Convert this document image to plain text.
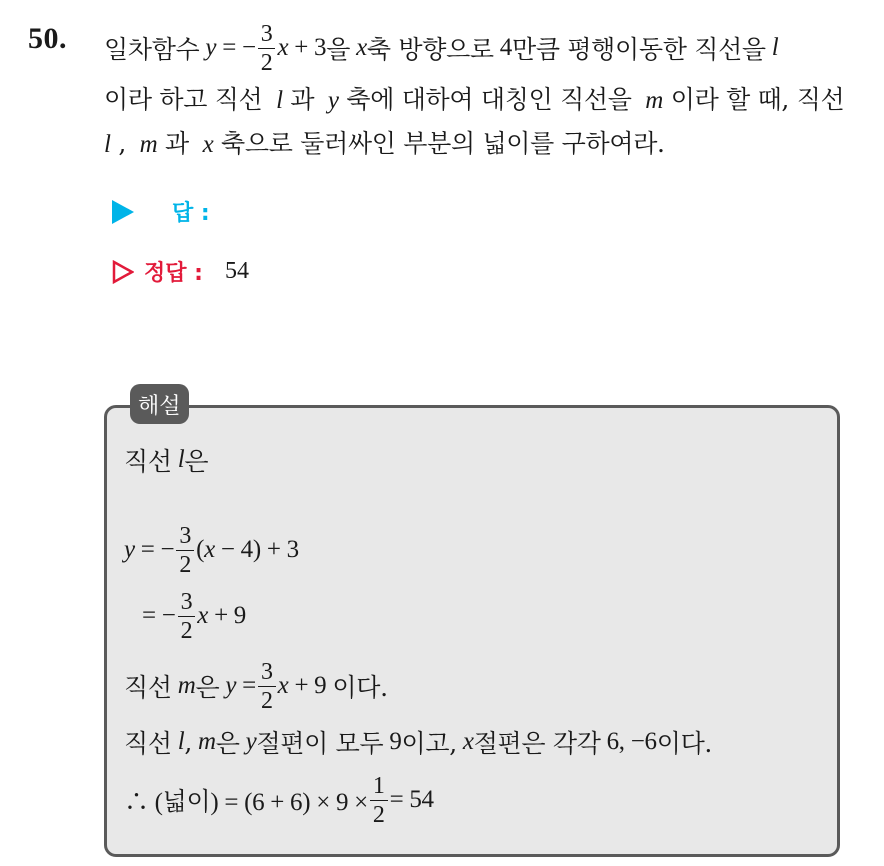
50. 일차함수 y = − $\frac{3}{2}$ x + 3 을 x 축 방향으로 4 만큼 평행이동한 직선을 l
이라 하고 직선 l 과 y 축에 대하여 대칭인 직선을 m 이라 할 때, 직선
l , m 과 x 축으로 둘러싸인 부분의 넓이를 구하여라.
답 :
정답 : 54
해설
직선 l 은
y = − $\frac{3}{2}$ ( x − 4) + 3
= − $\frac{3}{2}$ x + 9
직선 m 은 $y = \frac{3}{2}$ x + 9 이다.
직선 l , m 은 y 절편이 모두 9 이고, x 절편은 각각 6, −6 이다.
∴ (넓이) = $(6 + 6) \times 9 \times \frac{1}{2} = 54$
